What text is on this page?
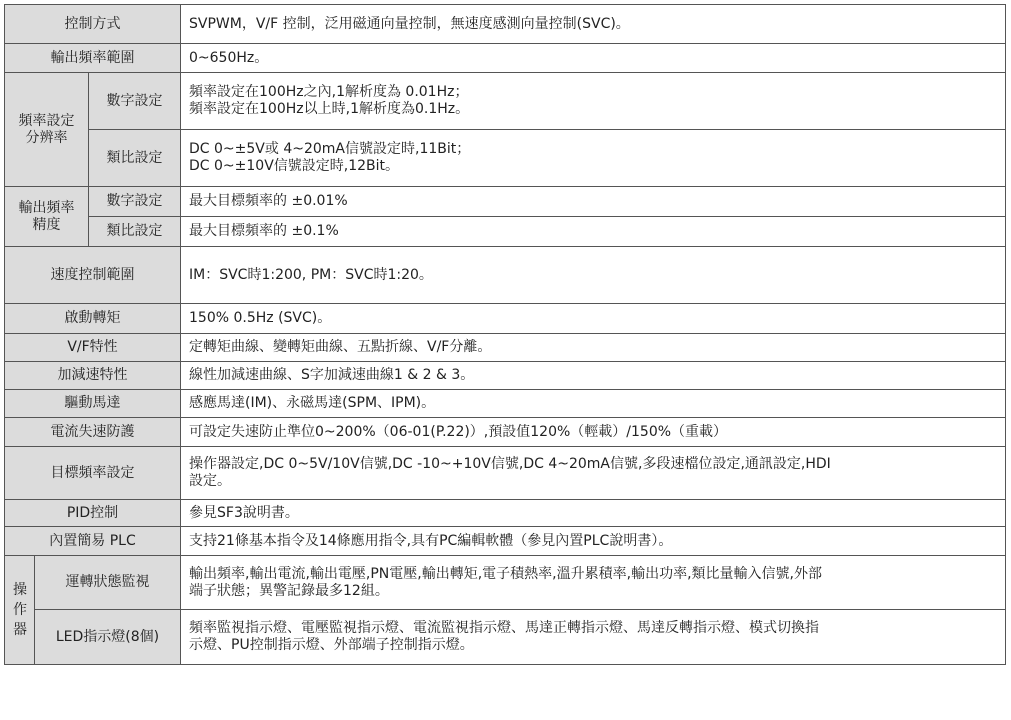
控制方式			SVPWM，V/F 控制，泛用磁通向量控制，無速度感測向量控制(SVC)。
輸出頻率範圍			0~650Hz。

頻率設定
分辨率		數字設定	頻率設定在100Hz之內,1解析度為 0.01Hz；
頻率設定在100Hz以上時,1解析度為0.1Hz。

		類比設定	DC 0~±5V或 4~20mA信號設定時,11Bit；
DC 0~±10V信號設定時,12Bit。

輸出頻率
精度		數字設定	最大目標頻率的 ±0.01%
		類比設定	最大目標頻率的 ±0.1%
速度控制範圍			IM：SVC時1:200, PM：SVC時1:20。
啟動轉矩			150% 0.5Hz (SVC)。
V/F特性			定轉矩曲線、變轉矩曲線、五點折線、V/F分離。
加減速特性			線性加減速曲線、S字加減速曲線1 & 2 & 3。
驅動馬達			感應馬達(IM)、永磁馬達(SPM、IPM)。
電流失速防護			可設定失速防止準位0~200%（06-01(P.22)）,預設值120%（輕載）/150%（重載）
目標頻率設定			操作器設定,DC 0~5V/10V信號,DC -10~+10V信號,DC 4~20mA信號,多段速檔位設定,通訊設定,HDI
設定。

PID控制			參見SF3說明書。
內置簡易 PLC			支持21條基本指令及14條應用指令,具有PC編輯軟體（參見內置PLC說明書）。

操
作
器	運轉狀態監視		輸出頻率,輸出電流,輸出電壓,PN電壓,輸出轉矩,電子積熱率,溫升累積率,輸出功率,類比量輸入信號,外部
端子狀態；異警記錄最多12組。

	LED指示燈(8個)		頻率監視指示燈、電壓監視指示燈、電流監視指示燈、馬達正轉指示燈、馬達反轉指示燈、模式切換指
示燈、PU控制指示燈、外部端子控制指示燈。
